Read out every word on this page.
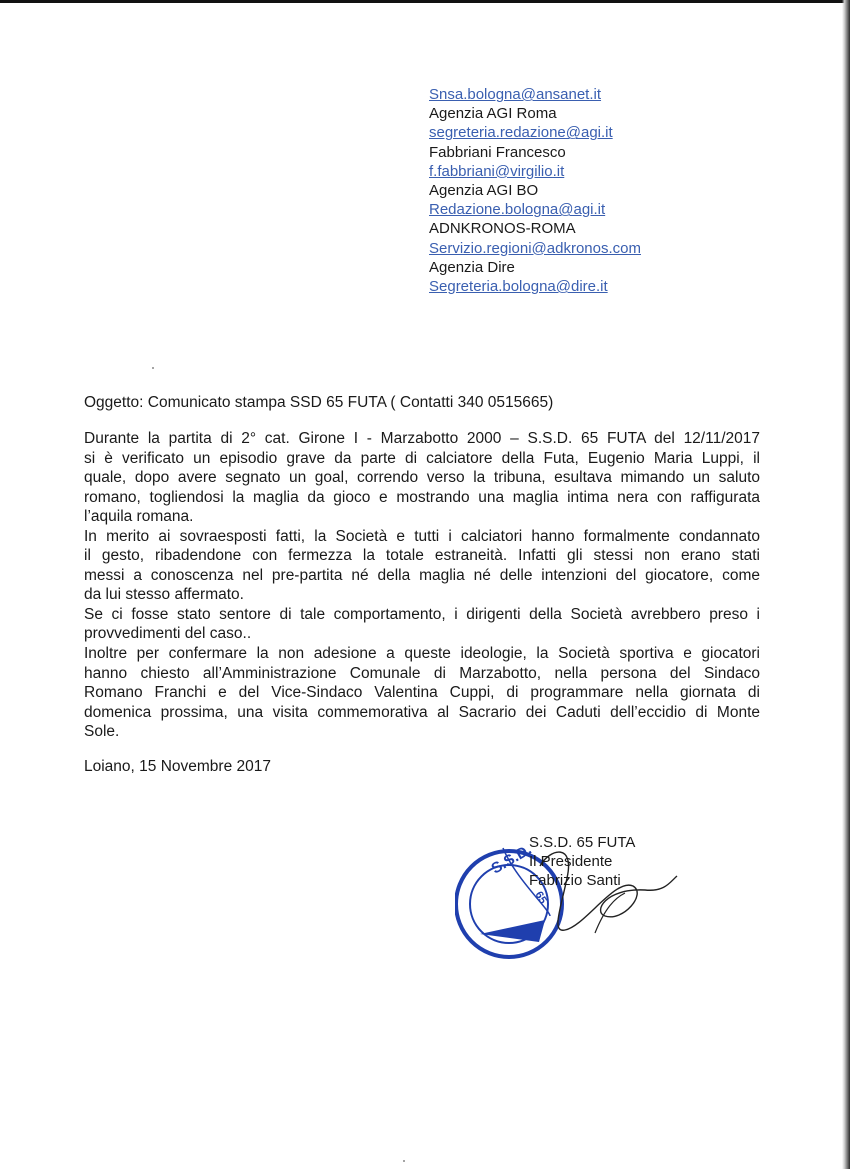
Snsa.bologna@ansanet.it
Agenzia AGI Roma
segreteria.redazione@agi.it
Fabbriani Francesco
f.fabbriani@virgilio.it
Agenzia AGI BO
Redazione.bologna@agi.it
ADNKRONOS-ROMA
Servizio.regioni@adkronos.com
Agenzia Dire
Segreteria.bologna@dire.it
Oggetto: Comunicato stampa SSD 65 FUTA ( Contatti 340 0515665)

Durante la partita di 2° cat. Girone I - Marzabotto 2000 – S.S.D. 65 FUTA del 12/11/2017

si è verificato un episodio grave da parte di calciatore della Futa, Eugenio Maria Luppi, il

quale, dopo avere segnato un goal, correndo verso la tribuna, esultava mimando un saluto

romano, togliendosi la maglia da gioco e mostrando una maglia intima nera con raffigurata

l’aquila romana.

In merito ai sovraesposti fatti, la Società e tutti i calciatori hanno formalmente condannato

il gesto, ribadendone con fermezza la totale estraneità. Infatti gli stessi non erano stati

messi a conoscenza nel pre-partita né della maglia né delle intenzioni del giocatore, come

da lui stesso affermato.

Se ci fosse stato sentore di tale comportamento, i dirigenti della Società avrebbero preso i

provvedimenti del caso..

Inoltre per confermare la non adesione a queste ideologie, la Società sportiva e giocatori

hanno chiesto all’Amministrazione Comunale di Marzabotto, nella persona del Sindaco

Romano Franchi e del Vice-Sindaco Valentina Cuppi, di programmare nella giornata di

domenica prossima, una visita commemorativa al Sacrario dei Caduti dell’eccidio di Monte

Sole.

Loiano, 15 Novembre 2017
S.S.D.
65
S.S.D. 65 FUTA
Il Presidente
Fabrizio Santi
